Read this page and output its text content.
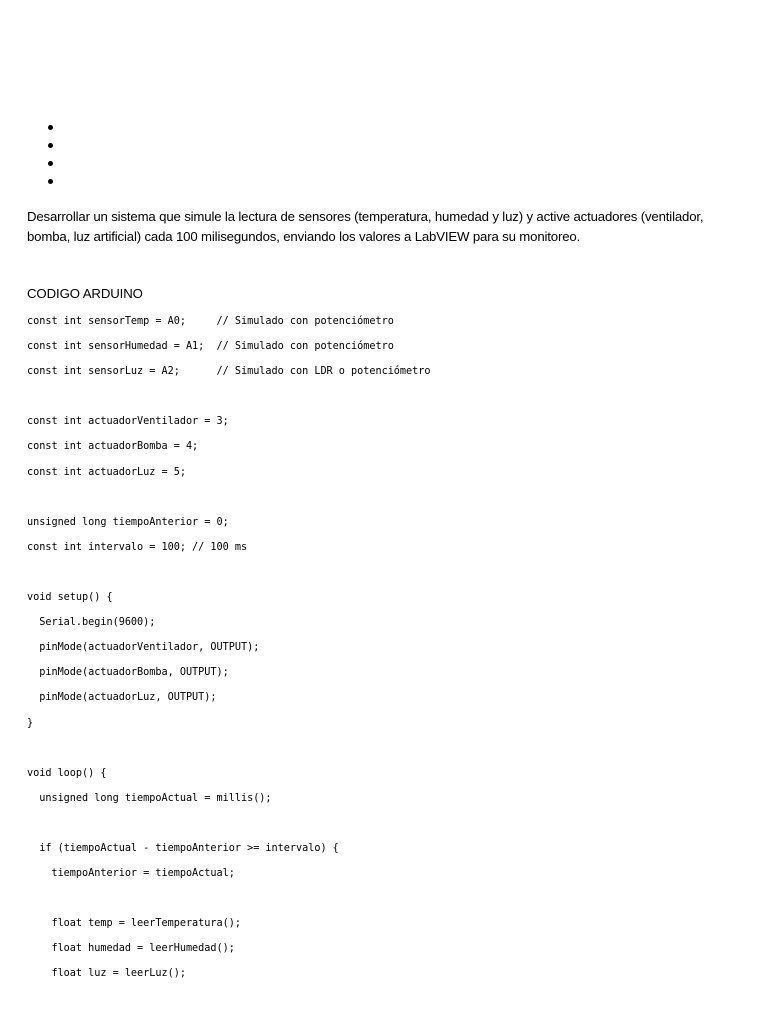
Desarrollar un sistema que simule la lectura de sensores (temperatura, humedad y luz) y active actuadores (ventilador, bomba, luz artificial) cada 100 milisegundos, enviando los valores a LabVIEW para su monitoreo.

CODIGO ARDUINO

const int sensorTemp = A0;     // Simulado con potenciómetro
const int sensorHumedad = A1;  // Simulado con potenciómetro
const int sensorLuz = A2;      // Simulado con LDR o potenciómetro
const int actuadorVentilador = 3;
const int actuadorBomba = 4;
const int actuadorLuz = 5;
unsigned long tiempoAnterior = 0;
const int intervalo = 100; // 100 ms
void setup() {
Serial.begin(9600);
pinMode(actuadorVentilador, OUTPUT);
pinMode(actuadorBomba, OUTPUT);
pinMode(actuadorLuz, OUTPUT);
}
void loop() {
unsigned long tiempoActual = millis();
if (tiempoActual - tiempoAnterior >= intervalo) {
tiempoAnterior = tiempoActual;
float temp = leerTemperatura();
float humedad = leerHumedad();
float luz = leerLuz();
